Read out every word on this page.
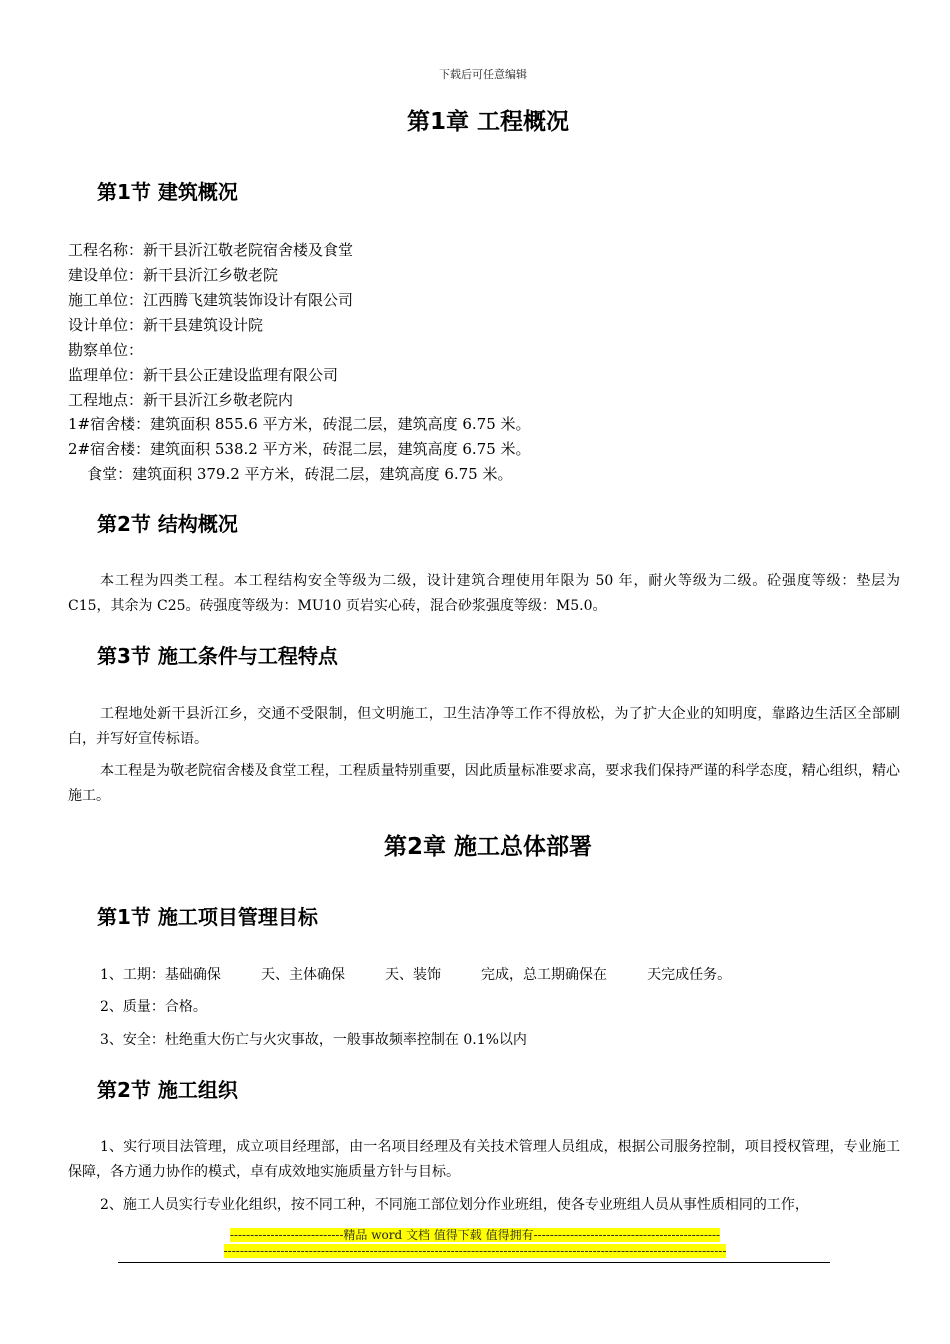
下载后可任意编辑
第1章 工程概况
第1节 建筑概况
工程名称：新干县沂江敬老院宿舍楼及食堂
建设单位：新干县沂江乡敬老院
施工单位：江西腾飞建筑装饰设计有限公司
设计单位：新干县建筑设计院
勘察单位：
监理单位：新干县公正建设监理有限公司
工程地点：新干县沂江乡敬老院内
1#宿舍楼：建筑面积 855.6 平方米，砖混二层，建筑高度 6.75 米。
2#宿舍楼：建筑面积 538.2 平方米，砖混二层，建筑高度 6.75 米。
食堂：建筑面积 379.2 平方米，砖混二层，建筑高度 6.75 米。
第2节 结构概况
本工程为四类工程。本工程结构安全等级为二级，设计建筑合理使用年限为 50 年，耐火等级为二级。砼强度等级：垫层为 C15，其余为 C25。砖强度等级为：MU10 页岩实心砖，混合砂浆强度等级：M5.0。
第3节 施工条件与工程特点
工程地处新干县沂江乡，交通不受限制，但文明施工，卫生洁净等工作不得放松，为了扩大企业的知明度，靠路边生活区全部刷白，并写好宣传标语。
本工程是为敬老院宿舍楼及食堂工程，工程质量特别重要，因此质量标准要求高，要求我们保持严谨的科学态度，精心组织，精心施工。
第2章 施工总体部署
第1节 施工项目管理目标
1、工期：基础确保         天、主体确保         天、装饰         完成，总工期确保在         天完成任务。
2、质量：合格。
3、安全：杜绝重大伤亡与火灾事故，一般事故频率控制在 0.1%以内
第2节 施工组织
1、实行项目法管理，成立项目经理部，由一名项目经理及有关技术管理人员组成，根据公司服务控制，项目授权管理，专业施工保障，各方通力协作的模式，卓有成效地实施质量方针与目标。
2、施工人员实行专业化组织，按不同工种，不同施工部位划分作业班组，使各专业班组人员从事性质相同的工作，
----------------------------精品 word 文档 值得下载 值得拥有----------------------------------------------
----------------------------------------------------------------------------------------------------------------------------
